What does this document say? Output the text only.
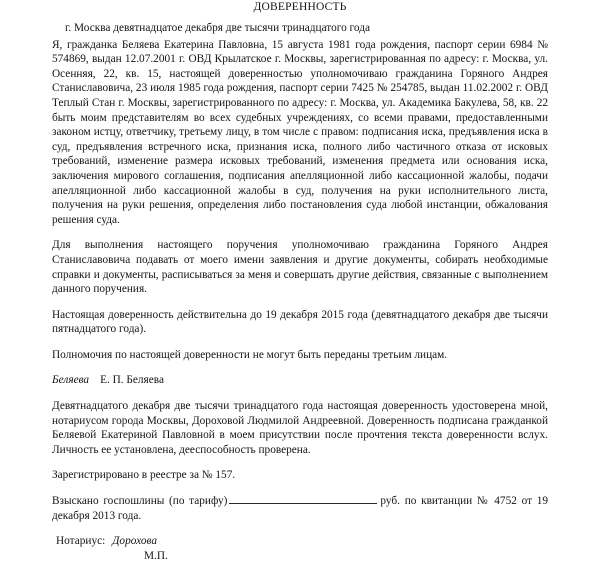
ДОВЕРЕННОСТЬ
г. Москва девятнадцатое декабря две тысячи тринадцатого года

Я, гражданка Беляева Екатерина Павловна, 15 августа 1981 года рождения, паспорт серии 6984 № 574869, выдан 12.07.2001 г. ОВД Крылатское г. Москвы, зарегистрированная по адресу: г. Москва, ул. Осенняя, 22, кв. 15, настоящей доверенностью уполномочиваю гражданина Горяного Андрея Станиславовича, 23 июля 1985 года рождения, паспорт серии 7425 № 254785, выдан 11.02.2002 г. ОВД Теплый Стан г. Москвы, зарегистрированного по адресу: г. Москва, ул. Академика Бакулева, 58, кв. 22 быть моим представителям во всех судебных учреждениях, со всеми правами, предоставленными законом истцу, ответчику, третьему лицу, в том числе с правом: подписания иска, предъявления иска в суд, предъявления встречного иска, признания иска, полного либо частичного отказа от исковых требований, изменение размера исковых требований, изменения предмета или основания иска, заключения мирового соглашения, подписания апелляционной либо кассационной жалобы, подачи апелляционной либо кассационной жалобы в суд, получения на руки исполнительного листа, получения на руки решения, определения либо постановления суда любой инстанции, обжалования решения суда.

Для выполнения настоящего поручения уполномочиваю гражданина Горяного Андрея Станиславовича подавать от моего имени заявления и другие документы, собирать необходимые справки и документы, расписываться за меня и совершать другие действия, связанные с выполнением данного поручения.

Настоящая доверенность действительна до 19 декабря 2015 года (девятнадцатого декабря две тысячи пятнадцатого года).

Полномочия по настоящей доверенности не могут быть переданы третьим лицам.

Беляева Е. П. Беляева

Девятнадцатого декабря две тысячи тринадцатого года настоящая доверенность удостоверена мной, нотариусом города Москвы, Дороховой Людмилой Андреевной. Доверенность подписана гражданкой Беляевой Екатериной Павловной в моем присутствии после прочтения текста доверенности вслух. Личность ее установлена, дееспособность проверена.

Зарегистрировано в реестре за № 157.

Взыскано госпошлины (по тарифу)	руб. по квитанции № 4752 от 19 декабря 2013 года.

Нотариус: Дорохова
М.П.
